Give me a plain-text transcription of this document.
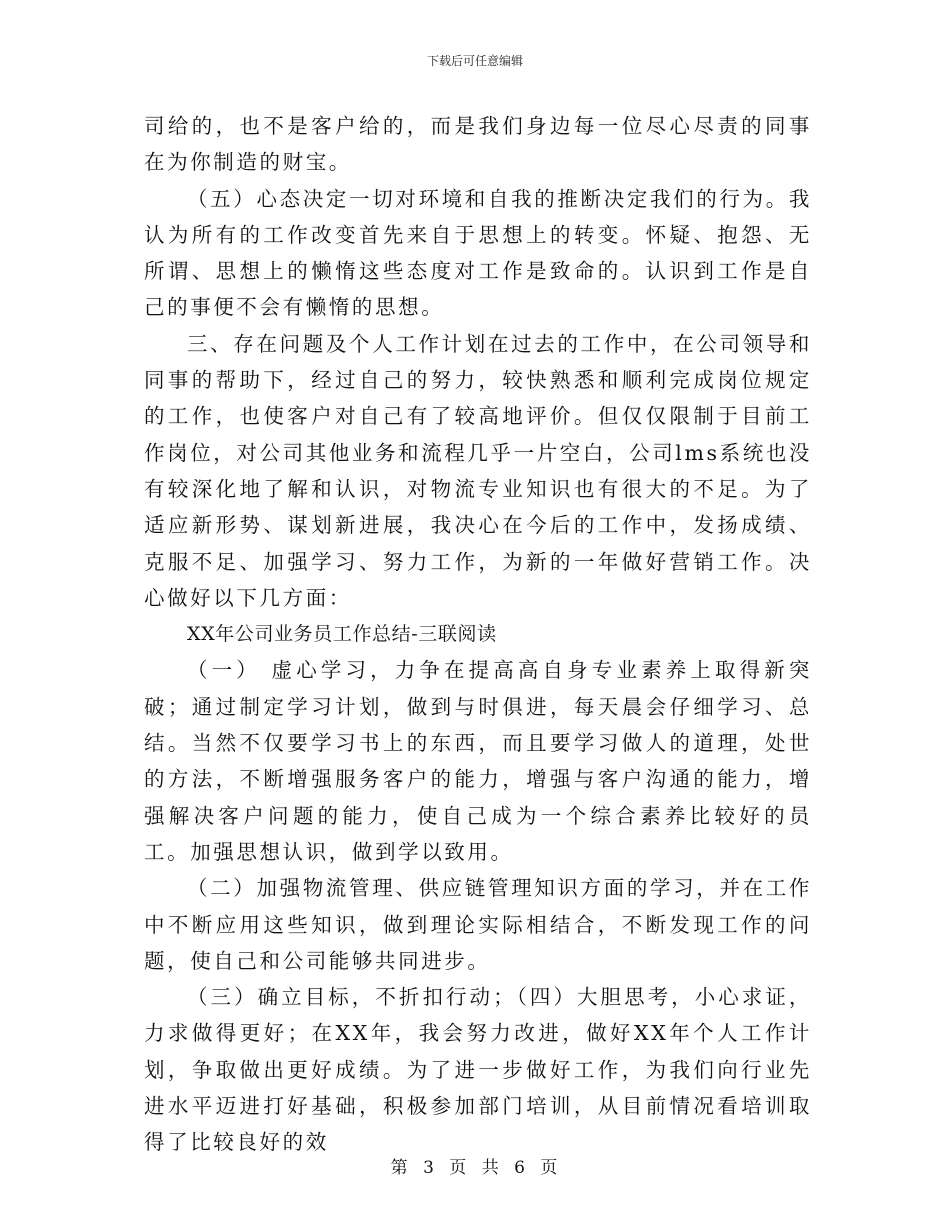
下载后可任意编辑

司给的，也不是客户给的，而是我们身边每一位尽心尽责的同事在为你制造的财宝。

（五）心态决定一切对环境和自我的推断决定我们的行为。我认为所有的工作改变首先来自于思想上的转变。怀疑、抱怨、无所谓、思想上的懒惰这些态度对工作是致命的。认识到工作是自己的事便不会有懒惰的思想。

三、存在问题及个人工作计划在过去的工作中，在公司领导和同事的帮助下，经过自己的努力，较快熟悉和顺利完成岗位规定的工作，也使客户对自己有了较高地评价。但仅仅限制于目前工作岗位，对公司其他业务和流程几乎一片空白，公司lms系统也没有较深化地了解和认识，对物流专业知识也有很大的不足。为了适应新形势、谋划新进展，我决心在今后的工作中，发扬成绩、克服不足、加强学习、努力工作，为新的一年做好营销工作。决心做好以下几方面：

XX年公司业务员工作总结-三联阅读

（一） 虚心学习，力争在提高高自身专业素养上取得新突破；通过制定学习计划，做到与时俱进，每天晨会仔细学习、总结。当然不仅要学习书上的东西，而且要学习做人的道理，处世的方法，不断增强服务客户的能力，增强与客户沟通的能力，增强解决客户问题的能力，使自己成为一个综合素养比较好的员工。加强思想认识，做到学以致用。

（二）加强物流管理、供应链管理知识方面的学习，并在工作中不断应用这些知识，做到理论实际相结合，不断发现工作的问题，使自己和公司能够共同进步。

（三）确立目标，不折扣行动；（四）大胆思考，小心求证，力求做得更好；在XX年，我会努力改进，做好XX年个人工作计划，争取做出更好成绩。为了进一步做好工作，为我们向行业先进水平迈进打好基础，积极参加部门培训，从目前情况看培训取得了比较良好的效

第 3 页 共 6 页
